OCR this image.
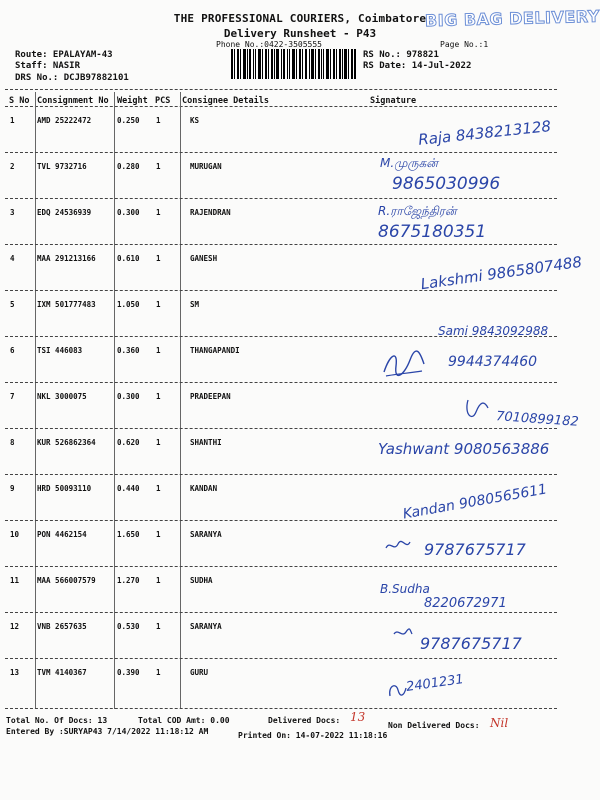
THE PROFESSIONAL COURIERS, Coimbatore
Delivery Runsheet - P43
BIG BAG DELIVERY
Phone No.:0422-3505555	Page No.:1
Route: EPALAYAM-43
Staff: NASIR
DRS No.: DCJB97882101
RS No.: 978821
RS Date: 14-Jul-2022
S No Consignment No Weight PCS Consignee Details	Signature
1	AMD 25222472	0.250 1	KS	Raja 8438213128
2	TVL 9732716	0.280 1	MURUGAN	M.முருகன்
9865030996
3	EDQ 24536939	0.300 1	RAJENDRAN	R.ராஜேந்திரன்
8675180351
4	MAA 291213166	0.610 1	GANESH	Lakshmi 9865807488
5	IXM 501777483	1.050 1	SM
Sami 9843092988
6	TSI 446083	0.360 1	THANGAPANDI
9944374460
7	NKL 3000075	0.300 1	PRADEEPAN
7010899182
8	KUR 526862364	0.620 1	SHANTHI	Yashwant 9080563886
9	HRD 50093110	0.440 1	KANDAN	Kandan 9080565611
10 PON 4462154	1.650 1	SARANYA
9787675717
11 MAA 566007579	1.270 1	SUDHA
B.Sudha
8220672971
12 VNB 2657635	0.530 1	SARANYA
9787675717
13 TVM 4140367	0.390 1	GURU	2401231
Total No. Of Docs: 13	Total COD Amt: 0.00	Delivered Docs: 13
Non Delivered Docs: Nil
Entered By :SURYAP43 7/14/2022 11:18:12 AM	Printed On: 14-07-2022 11:18:16
